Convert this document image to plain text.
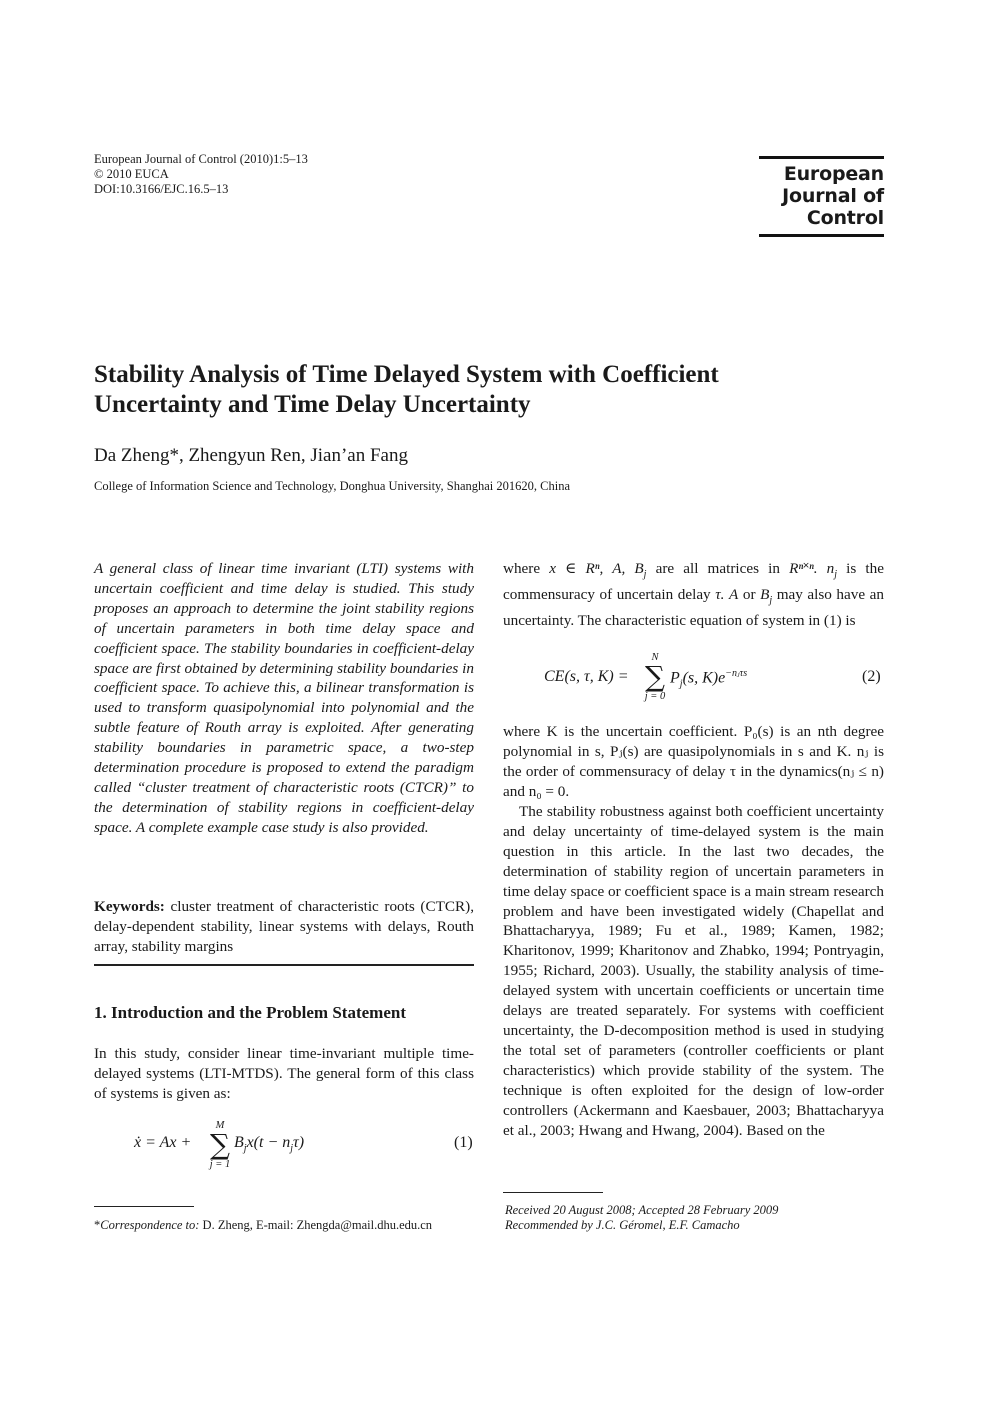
European Journal of Control (2010)1:5–13
© 2010 EUCA
DOI:10.3166/EJC.16.5–13
European
Journal of
Control
Stability Analysis of Time Delayed System with Coefficient
Uncertainty and Time Delay Uncertainty
Da Zheng*, Zhengyun Ren, Jian’an Fang
College of Information Science and Technology, Donghua University, Shanghai 201620, China
A general class of linear time invariant (LTI) systems with uncertain coefficient and time delay is studied. This study proposes an approach to determine the joint stability regions of uncertain parameters in both time delay space and coefficient space. The stability boundaries in coefficient-delay space are first obtained by determining stability boundaries in coefficient space. To achieve this, a bilinear transformation is used to transform quasipolynomial into polynomial and the subtle feature of Routh array is exploited. After generating stability boundaries in parametric space, a two-step determination procedure is proposed to extend the paradigm called “cluster treatment of characteristic roots (CTCR)” to the determination of stability regions in coefficient-delay space. A complete example case study is also provided.
Keywords: cluster treatment of characteristic roots (CTCR), delay-dependent stability, linear systems with delays, Routh array, stability margins
1. Introduction and the Problem Statement
In this study, consider linear time-invariant multiple time-delayed systems (LTI-MTDS). The general form of this class of systems is given as:
ẋ = Ax +
M
∑
j = 1
$B_jx(t - n_j\tau)$	(1)
*Correspondence to: D. Zheng, E-mail: Zhengda@mail.dhu.edu.cn
where x ∈ Rⁿ, A, $B_j$ are all matrices in Rⁿ˟ⁿ. $n_j$ is the commensuracy of uncertain delay τ. A or $B_j$ may also have an uncertainty. The characteristic equation of system in (1) is
CE(s, τ, K) =
N
∑
j = 0
$P_j(s$, $K)e^{-nⱼ\tau s}$	(2)
where K is the uncertain coefficient. P₀(s) is an nth degree polynomial in s, Pⱼ(s) are quasipolynomials in s and K. nⱼ is the order of commensuracy of delay τ in the dynamics(nⱼ ≤ n) and n₀ = 0.
The stability robustness against both coefficient uncertainty and delay uncertainty of time-delayed system is the main question in this article. In the last two decades, the determination of stability region of uncertain parameters in time delay space or coefficient space is a main stream research problem and have been investigated widely (Chapellat and Bhattacharyya, 1989; Fu et al., 1989; Kamen, 1982; Kharitonov, 1999; Kharitonov and Zhabko, 1994; Pontryagin, 1955; Richard, 2003). Usually, the stability analysis of time-delayed system with uncertain coefficients or uncertain time delays are treated separately. For systems with coefficient uncertainty, the D-decomposition method is used in studying the total set of parameters (controller coefficients or plant characteristics) which provide stability of the system. The technique is often exploited for the design of low-order controllers (Ackermann and Kaesbauer, 2003; Bhattacharyya et al., 2003; Hwang and Hwang, 2004). Based on the
Received 20 August 2008; Accepted 28 February 2009
Recommended by J.C. Géromel, E.F. Camacho
